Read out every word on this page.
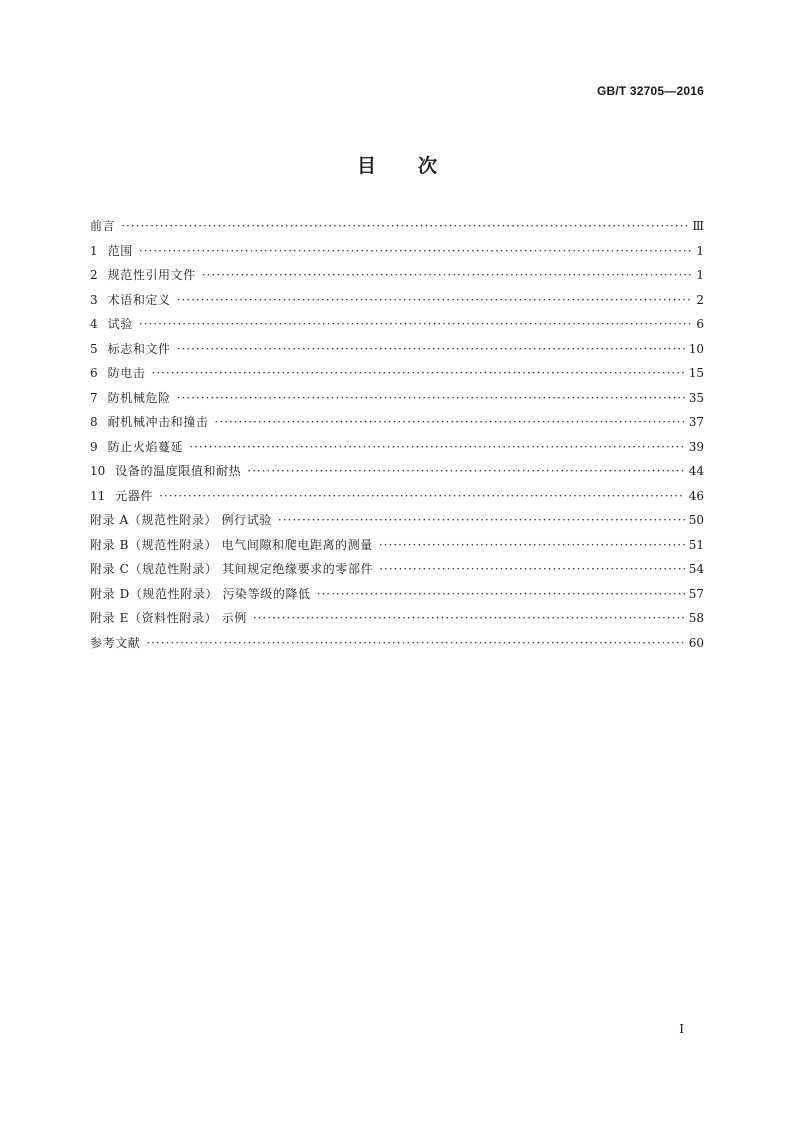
GB/T 32705—2016
目次
前言 ·····	Ⅲ
1 范围 ·····	1
2 规范性引用文件 ·····	1
3 术语和定义 ·····	2
4 试验 ·····	6
5 标志和文件 ·····	10
6 防电击 ·····	15
7 防机械危险 ·····	35
8 耐机械冲击和撞击 ·····	37
9 防止火焰蔓延 ·····	39
10 设备的温度限值和耐热 ·····	44
11 元器件 ·····	46
附录 A（规范性附录） 例行试验 ·····	50
附录 B（规范性附录） 电气间隙和爬电距离的测量 ·····	51
附录 C（规范性附录） 其间规定绝缘要求的零部件 ·····	54
附录 D（规范性附录） 污染等级的降低 ·····	57
附录 E（资料性附录） 示例 ·····	58
参考文献 ·····	60
I
